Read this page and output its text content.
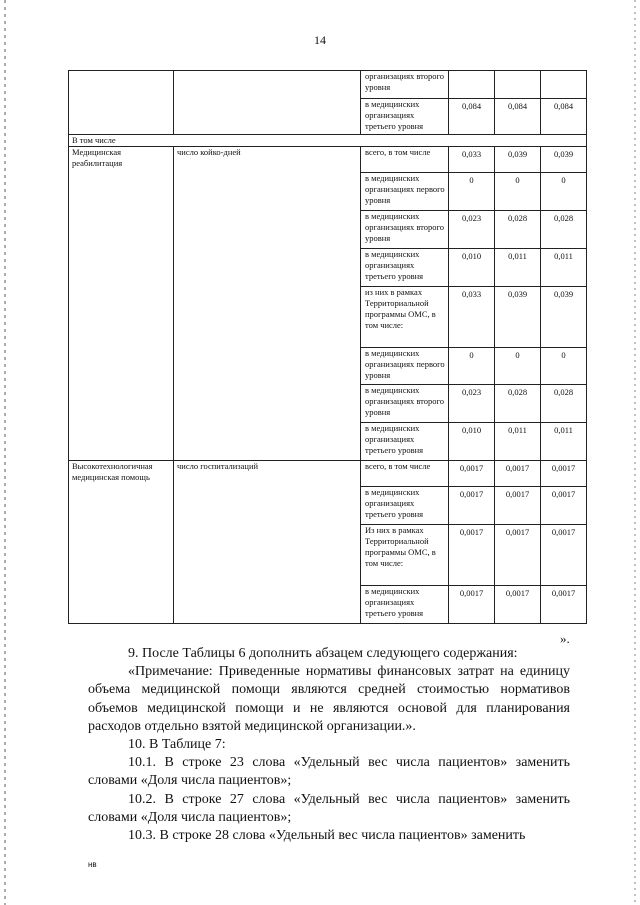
14
		организациях второго уровня			
		в медицинских организациях третьего уровня	0,084	0,084	0,084
В том числе					
Медицинская реабилитация	число койко-дней	всего, в том числе	0,033	0,039	0,039
		в медицинских организациях первого уровня	0	0	0
		в медицинских организациях второго уровня	0,023	0,028	0,028
		в медицинских организациях третьего уровня	0,010	0,011	0,011
		из них в рамках Территориальной программы ОМС, в том числе:	0,033	0,039	0,039
		в медицинских организациях первого уровня	0	0	0
		в медицинских организациях второго уровня	0,023	0,028	0,028
		в медицинских организациях третьего уровня	0,010	0,011	0,011
Высокотехнологичная медицинская помощь	число госпитализаций	всего, в том числе	0,0017	0,0017	0,0017
		в медицинских организациях третьего уровня	0,0017	0,0017	0,0017
		Из них в рамках Территориальной программы ОМС, в том числе:	0,0017	0,0017	0,0017
		в медицинских организациях третьего уровня	0,0017	0,0017	0,0017
».

9. После Таблицы 6 дополнить абзацем следующего содержания:

«Примечание: Приведенные нормативы финансовых затрат на единицу объема медицинской помощи являются средней стоимостью нормативов объемов медицинской помощи и не являются основой для планирования расходов отдельно взятой медицинской организации.».

10. В Таблице 7:

10.1. В строке 23 слова «Удельный вес числа пациентов» заменить словами «Доля числа пациентов»;

10.2. В строке 27 слова «Удельный вес числа пациентов» заменить словами «Доля числа пациентов»;

10.3. В строке 28 слова «Удельный вес числа пациентов» заменить

нв
